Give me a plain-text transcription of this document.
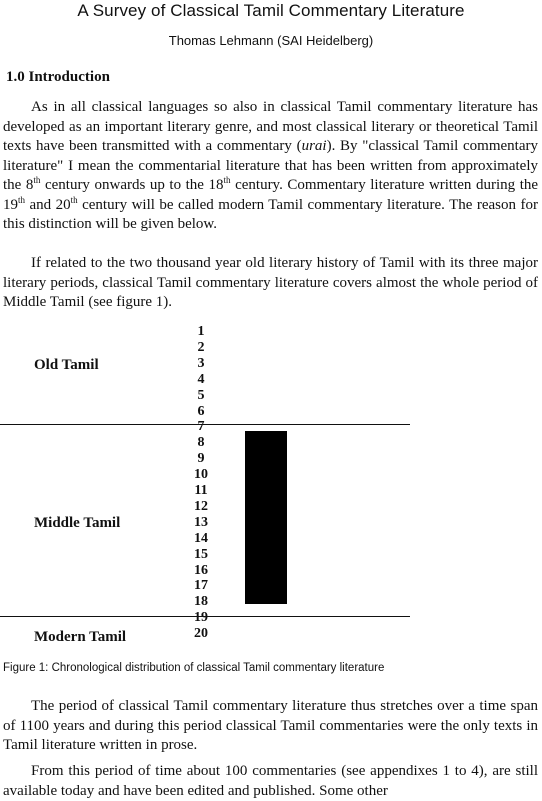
A Survey of Classical Tamil Commentary Literature
Thomas Lehmann (SAI Heidelberg)
1.0 Introduction

As in all classical languages so also in classical Tamil commentary literature has developed as an important literary genre, and most classical literary or theoretical Tamil texts have been transmitted with a commentary (urai). By "classical Tamil commentary literature" I mean the commentarial literature that has been written from approximately the 8th century onwards up to the 18th century. Commentary literature written during the 19th and 20th century will be called modern Tamil commentary literature. The reason for this distinction will be given below.

If related to the two thousand year old literary history of Tamil with its three major literary periods, classical Tamil commentary literature covers almost the whole period of Middle Tamil (see figure 1).

Old Tamil
Middle Tamil
Modern Tamil
1
2
3
4
5
6
7
8
9
10
11
12
13
14
15
16
17
18
19
20
Figure 1: Chronological distribution of classical Tamil commentary literature

The period of classical Tamil commentary literature thus stretches over a time span of 1100 years and during this period classical Tamil commentaries were the only texts in Tamil literature written in prose.

From this period of time about 100 commentaries (see appendixes 1 to 4), are still available today and have been edited and published. Some other
